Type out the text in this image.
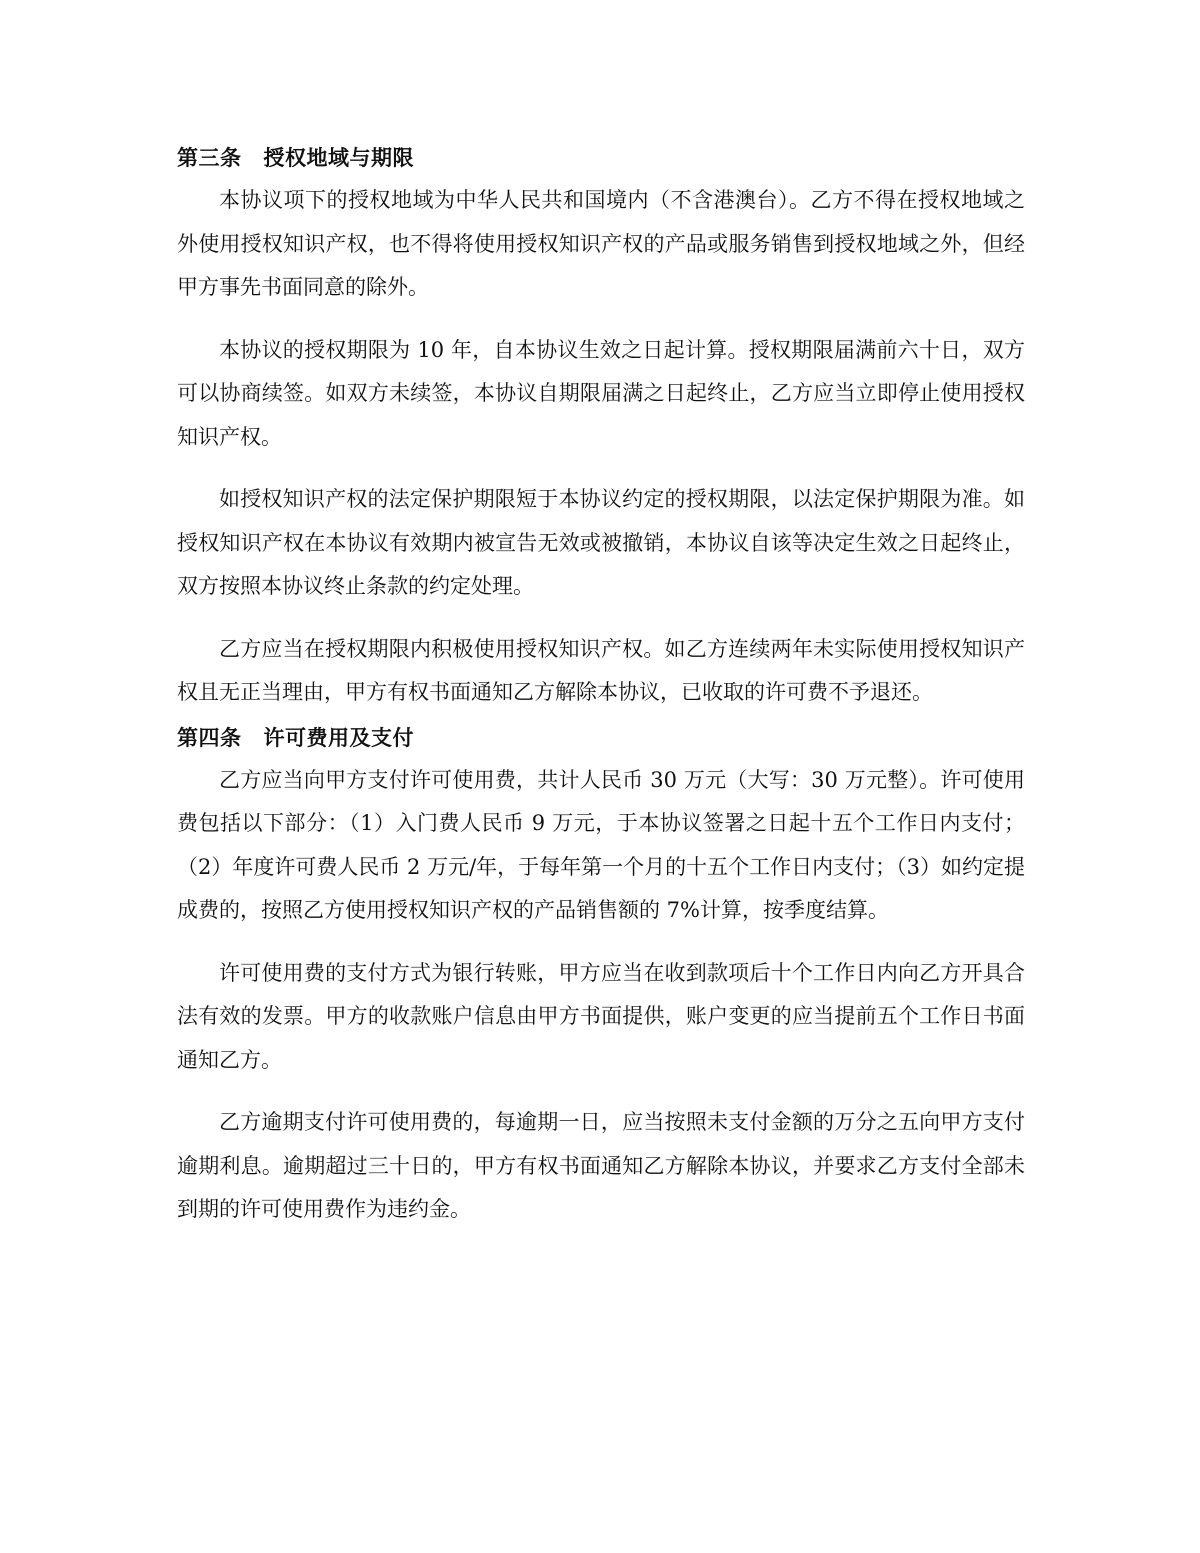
第三条 授权地域与期限

本协议项下的授权地域为中华人民共和国境内（不含港澳台）。乙方不得在授权地域之外使用授权知识产权，也不得将使用授权知识产权的产品或服务销售到授权地域之外，但经甲方事先书面同意的除外。

本协议的授权期限为 10 年，自本协议生效之日起计算。授权期限届满前六十日，双方可以协商续签。如双方未续签，本协议自期限届满之日起终止，乙方应当立即停止使用授权知识产权。

如授权知识产权的法定保护期限短于本协议约定的授权期限，以法定保护期限为准。如授权知识产权在本协议有效期内被宣告无效或被撤销，本协议自该等决定生效之日起终止，双方按照本协议终止条款的约定处理。

乙方应当在授权期限内积极使用授权知识产权。如乙方连续两年未实际使用授权知识产权且无正当理由，甲方有权书面通知乙方解除本协议，已收取的许可费不予退还。

第四条 许可费用及支付

乙方应当向甲方支付许可使用费，共计人民币 30 万元（大写：30 万元整）。许可使用费包括以下部分：（1）入门费人民币 9 万元，于本协议签署之日起十五个工作日内支付；（2）年度许可费人民币 2 万元/年，于每年第一个月的十五个工作日内支付；（3）如约定提成费的，按照乙方使用授权知识产权的产品销售额的 7%计算，按季度结算。

许可使用费的支付方式为银行转账，甲方应当在收到款项后十个工作日内向乙方开具合法有效的发票。甲方的收款账户信息由甲方书面提供，账户变更的应当提前五个工作日书面通知乙方。

乙方逾期支付许可使用费的，每逾期一日，应当按照未支付金额的万分之五向甲方支付逾期利息。逾期超过三十日的，甲方有权书面通知乙方解除本协议，并要求乙方支付全部未到期的许可使用费作为违约金。
